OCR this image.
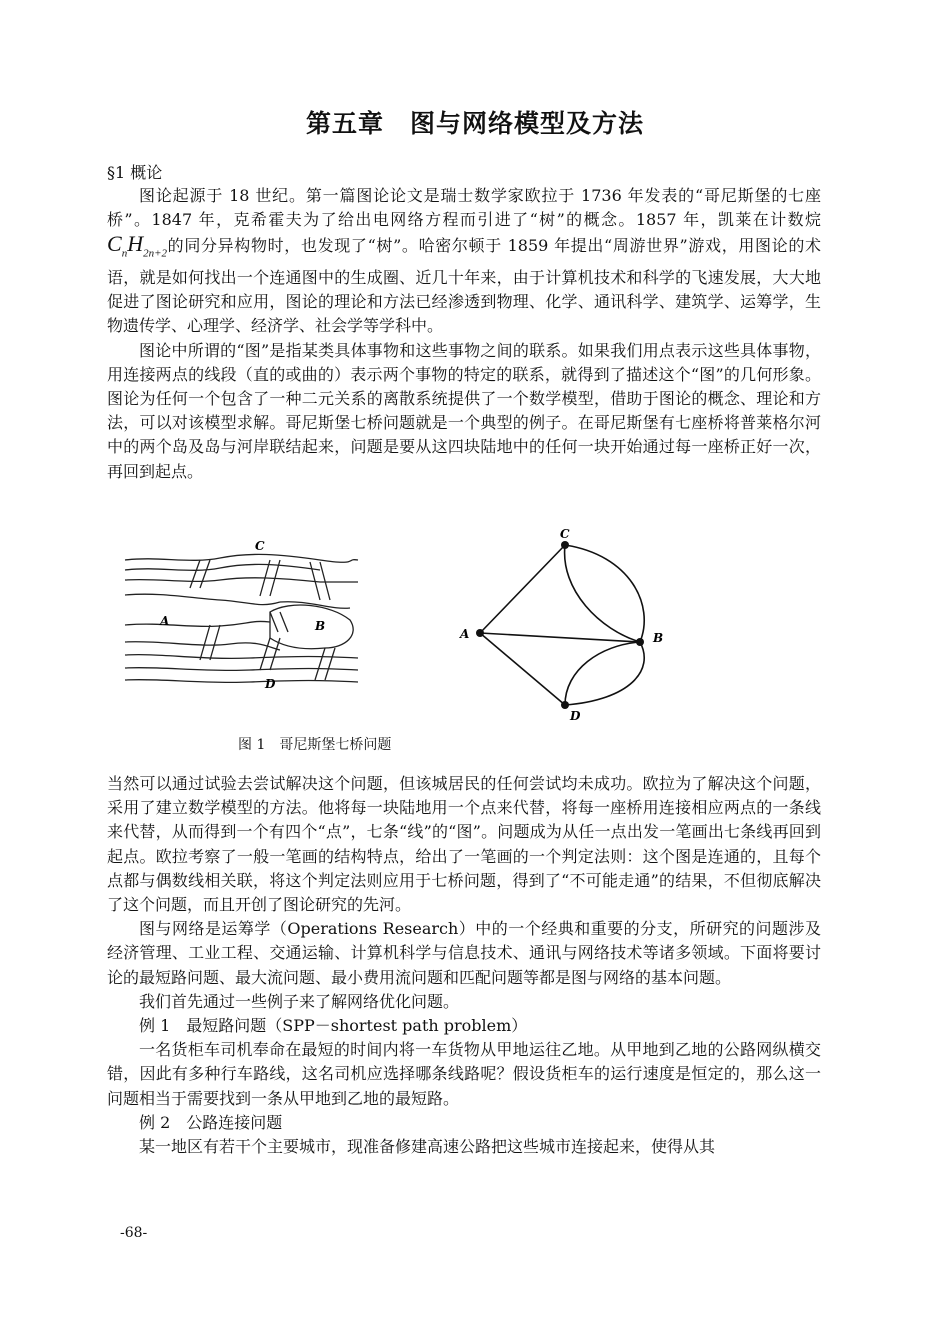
第五章　图与网络模型及方法
§1 概论

图论起源于 18 世纪。第一篇图论论文是瑞士数学家欧拉于 1736 年发表的“哥尼斯堡的七座桥”。1847 年，克希霍夫为了给出电网络方程而引进了“树”的概念。1857 年，凯莱在计数烷$C_nH_{2n+2}$的同分异构物时，也发现了“树”。哈密尔顿于 1859 年提出“周游世界”游戏，用图论的术语，就是如何找出一个连通图中的生成圈、近几十年来，由于计算机技术和科学的飞速发展，大大地促进了图论研究和应用，图论的理论和方法已经渗透到物理、化学、通讯科学、建筑学、运筹学，生物遗传学、心理学、经济学、社会学等学科中。

图论中所谓的“图”是指某类具体事物和这些事物之间的联系。如果我们用点表示这些具体事物，用连接两点的线段（直的或曲的）表示两个事物的特定的联系，就得到了描述这个“图”的几何形象。图论为任何一个包含了一种二元关系的离散系统提供了一个数学模型，借助于图论的概念、理论和方法，可以对该模型求解。哥尼斯堡七桥问题就是一个典型的例子。在哥尼斯堡有七座桥将普莱格尔河中的两个岛及岛与河岸联结起来，问题是要从这四块陆地中的任何一块开始通过每一座桥正好一次，再回到起点。

C
A	B
D
A
C
B
D
图 1　哥尼斯堡七桥问题

当然可以通过试验去尝试解决这个问题，但该城居民的任何尝试均未成功。欧拉为了解决这个问题，采用了建立数学模型的方法。他将每一块陆地用一个点来代替，将每一座桥用连接相应两点的一条线来代替，从而得到一个有四个“点”，七条“线”的“图”。问题成为从任一点出发一笔画出七条线再回到起点。欧拉考察了一般一笔画的结构特点，给出了一笔画的一个判定法则：这个图是连通的，且每个点都与偶数线相关联，将这个判定法则应用于七桥问题，得到了“不可能走通”的结果，不但彻底解决了这个问题，而且开创了图论研究的先河。

图与网络是运筹学（Operations Research）中的一个经典和重要的分支，所研究的问题涉及经济管理、工业工程、交通运输、计算机科学与信息技术、通讯与网络技术等诸多领域。下面将要讨论的最短路问题、最大流问题、最小费用流问题和匹配问题等都是图与网络的基本问题。

我们首先通过一些例子来了解网络优化问题。

例 1　最短路问题（SPP－shortest path problem）

一名货柜车司机奉命在最短的时间内将一车货物从甲地运往乙地。从甲地到乙地的公路网纵横交错，因此有多种行车路线，这名司机应选择哪条线路呢？假设货柜车的运行速度是恒定的，那么这一问题相当于需要找到一条从甲地到乙地的最短路。

例 2　公路连接问题

某一地区有若干个主要城市，现准备修建高速公路把这些城市连接起来，使得从其

-68-
